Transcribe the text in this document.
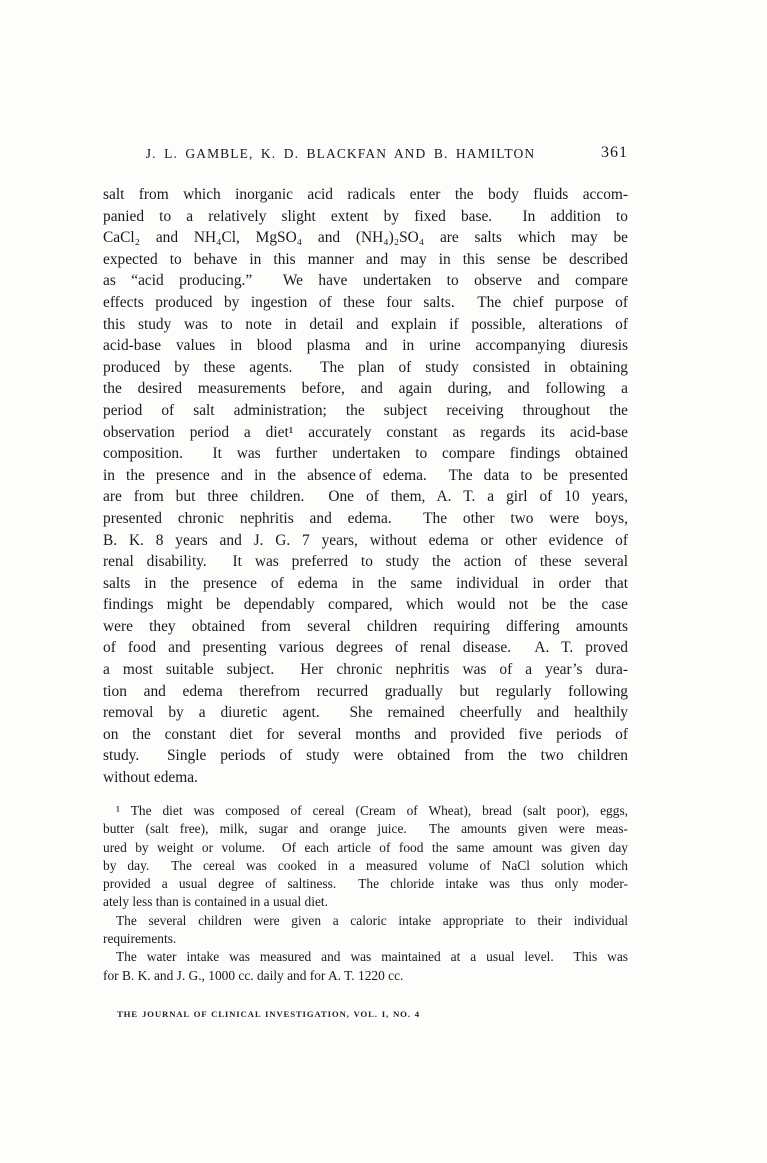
J. L. GAMBLE, K. D. BLACKFAN AND B. HAMILTON	361
salt from which inorganic acid radicals enter the body fluids accom-
panied to a relatively slight extent by fixed base.  In addition to
CaCl₂ and NH₄Cl, MgSO₄ and (NH₄)₂SO₄ are salts which may be
expected to behave in this manner and may in this sense be described
as “acid producing.”  We have undertaken to observe and compare
effects produced by ingestion of these four salts.  The chief purpose of
this study was to note in detail and explain if possible, alterations of
acid-base values in blood plasma and in urine accompanying diuresis
produced by these agents.  The plan of study consisted in obtaining
the desired measurements before, and again during, and following a
period of salt administration; the subject receiving throughout the
observation period a diet¹ accurately constant as regards its acid-base
composition.  It was further undertaken to compare findings obtained
in the presence and in the absence of edema.  The data to be presented
are from but three children.  One of them, A. T. a girl of 10 years,
presented chronic nephritis and edema.  The other two were boys,
B. K. 8 years and J. G. 7 years, without edema or other evidence of
renal disability.  It was preferred to study the action of these several
salts in the presence of edema in the same individual in order that
findings might be dependably compared, which would not be the case
were they obtained from several children requiring differing amounts
of food and presenting various degrees of renal disease.  A. T. proved
a most suitable subject.  Her chronic nephritis was of a year’s dura-
tion and edema therefrom recurred gradually but regularly following
removal by a diuretic agent.  She remained cheerfully and healthily
on the constant diet for several months and provided five periods of
study.  Single periods of study were obtained from the two children
without edema.
¹ The diet was composed of cereal (Cream of Wheat), bread (salt poor), eggs,
butter (salt free), milk, sugar and orange juice.  The amounts given were meas-
ured by weight or volume.  Of each article of food the same amount was given day
by day.  The cereal was cooked in a measured volume of NaCl solution which
provided a usual degree of saltiness.  The chloride intake was thus only moder-
ately less than is contained in a usual diet.
The several children were given a caloric intake appropriate to their individual
requirements.
The water intake was measured and was maintained at a usual level.  This was
for B. K. and J. G., 1000 cc. daily and for A. T. 1220 cc.
THE JOURNAL OF CLINICAL INVESTIGATION, VOL. I, NO. 4
